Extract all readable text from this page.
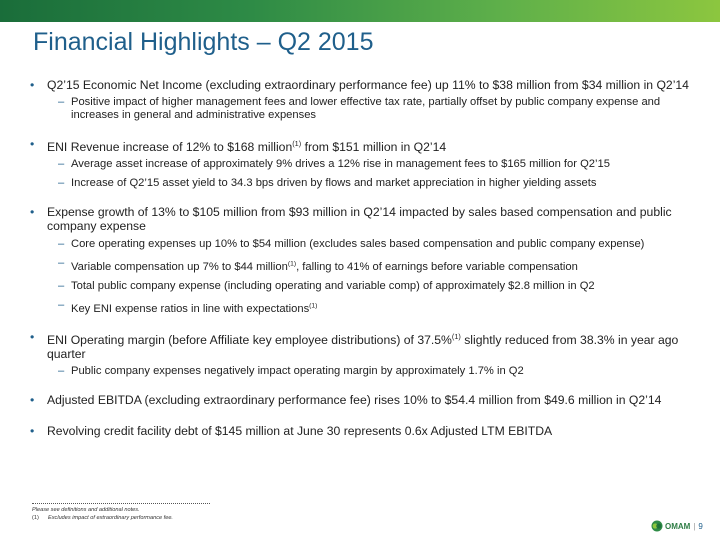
Financial Highlights – Q2 2015
• Q2’15 Economic Net Income (excluding extraordinary performance fee) up 11% to $38 million from $34 million in Q2’14
– Positive impact of higher management fees and lower effective tax rate, partially offset by public company expense and increases in general and administrative expenses
• ENI Revenue increase of 12% to $168 million$^{(1)}$ from $151 million in Q2’14
– Average asset increase of approximately 9% drives a 12% rise in management fees to $165 million for Q2’15
– Increase of Q2’15 asset yield to 34.3 bps driven by flows and market appreciation in higher yielding assets
• Expense growth of 13% to $105 million from $93 million in Q2’14 impacted by sales based compensation and public company expense
– Core operating expenses up 10% to $54 million (excludes sales based compensation and public company expense)
– Variable compensation up 7% to $44 million$^{(1)}$, falling to 41% of earnings before variable compensation
– Total public company expense (including operating and variable comp) of approximately $2.8 million in Q2
– Key ENI expense ratios in line with expectations$^{(1)}$
• ENI Operating margin (before Affiliate key employee distributions) of 37.5%$^{(1)}$ slightly reduced from 38.3% in year ago quarter
– Public company expenses negatively impact operating margin by approximately 1.7% in Q2
• Adjusted EBITDA (excluding extraordinary performance fee) rises 10% to $54.4 million from $49.6 million in Q2’14
• Revolving credit facility debt of $145 million at June 30 represents 0.6x Adjusted LTM EBITDA
Please see definitions and additional notes.
(1) Excludes impact of extraordinary performance fee.
OMAM | 9
